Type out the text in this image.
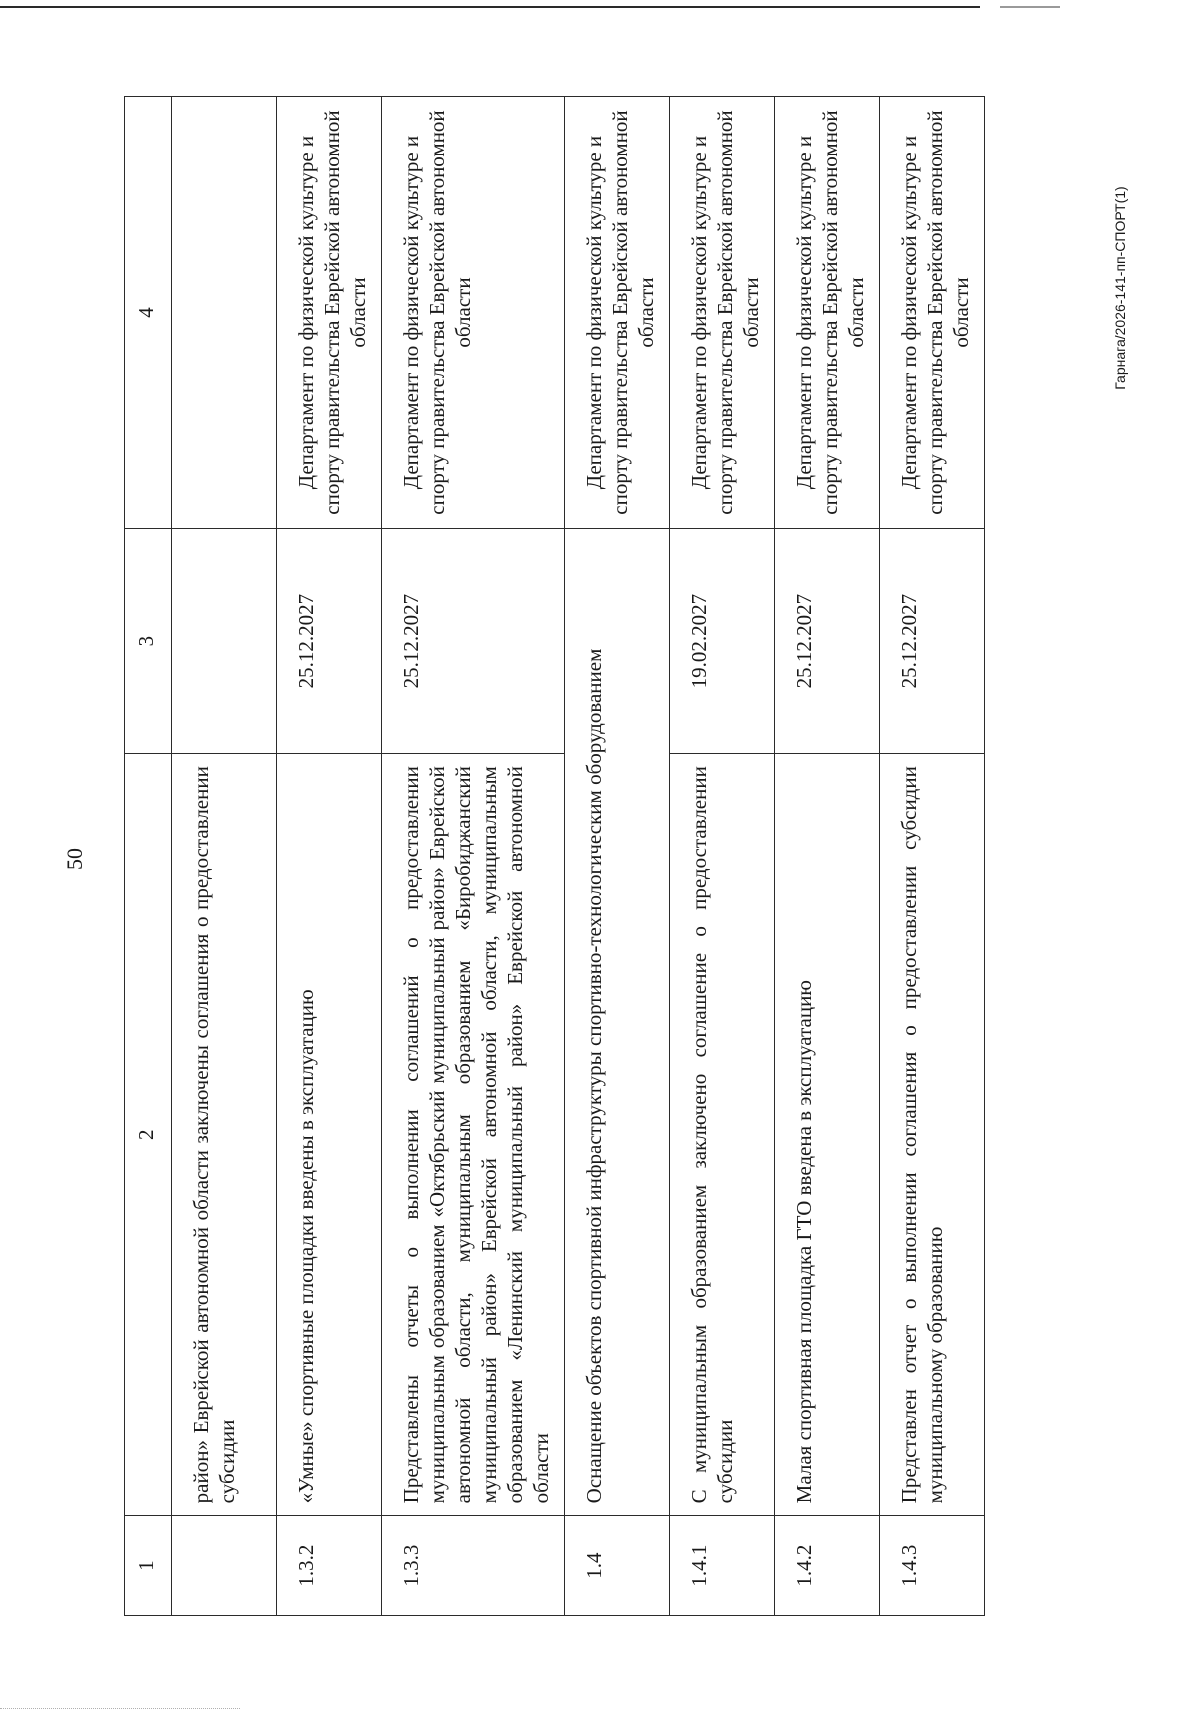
50
1	2	3	4
	район» Еврейской автономной области заключены соглашения о предоставлении субсидии		
1.3.2	«Умные» спортивные площадки введены в эксплуатацию	25.12.2027	Департамент по физической культуре и спорту правительства Еврейской автономной области
1.3.3	Представлены отчеты о выполнении соглашений о предоставлении муниципальным образованием «Октябрьский муниципальный район» Еврейской автономной области, муниципальным образованием «Биробиджанский муниципальный район» Еврейской автономной области, муниципальным образованием «Ленинский муниципальный район» Еврейской автономной области	25.12.2027	Департамент по физической культуре и спорту правительства Еврейской автономной области
1.4	Оснащение объектов спортивной инфраструктуры спортивно-технологическим оборудованием		Департамент по физической культуре и спорту правительства Еврейской автономной области
1.4.1	С муниципальным образованием заключено соглашение о предоставлении субсидии	19.02.2027	Департамент по физической культуре и спорту правительства Еврейской автономной области
1.4.2	Малая спортивная площадка ГТО введена в эксплуатацию	25.12.2027	Департамент по физической культуре и спорту правительства Еврейской автономной области
1.4.3	Представлен отчет о выполнении соглашения о предоставлении субсидии муниципальному образованию	25.12.2027	Департамент по физической культуре и спорту правительства Еврейской автономной области	Гарнага/2026-141-пп-СПОРТ(1)
